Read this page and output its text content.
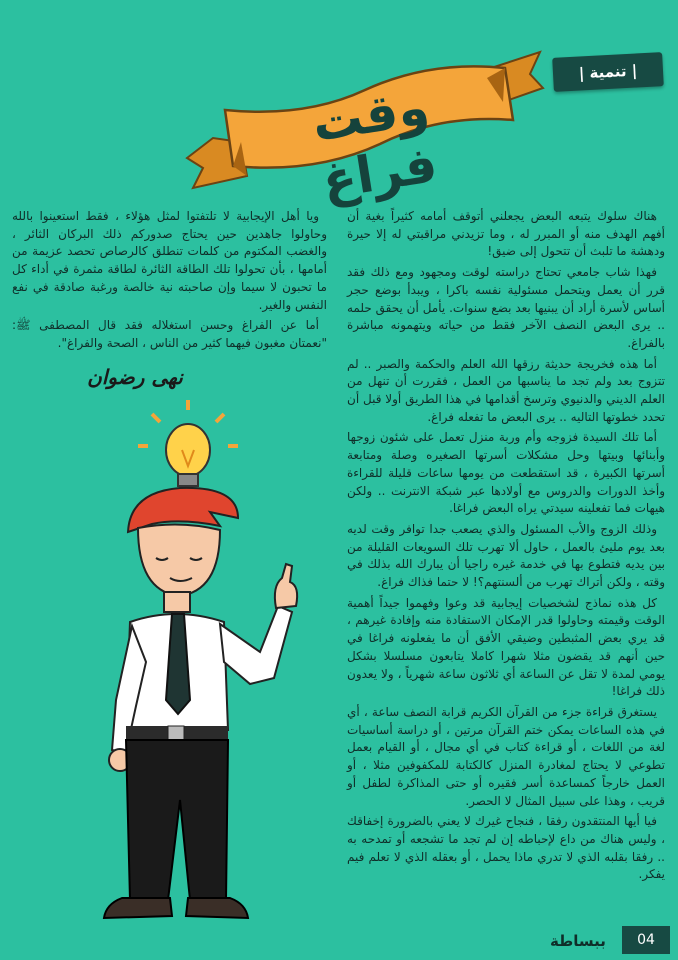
| تنمية |
وقت فراغ

هناك سلوك يتبعه البعض يجعلني أتوقف أمامه كثيراً بغية أن أفهم الهدف منه أو المبرر له ، وما تزيدني مراقبتي له إلا حيرة ودهشة ما تلبث أن تتحول إلى ضيق!

فهذا شاب جامعي تحتاج دراسته لوقت ومجهود ومع ذلك فقد قرر أن يعمل ويتحمل مسئولية نفسه باكرا ، ويبدأ بوضع حجر أساس لأسرة أراد أن يبنيها بعد بضع سنوات. يأمل أن يحقق حلمه .. يرى البعض النصف الآخر فقط من حياته ويتهمونه مباشرة بالفراغ.

أما هذه فخريجة حديثة رزقها الله العلم والحكمة والصبر .. لم تتزوج بعد ولم تجد ما يناسبها من العمل ، فقررت أن تنهل من العلم الديني والدنيوي وترسخ أقدامها في هذا الطريق أولا قبل أن تحدد خطوتها التاليه .. يرى البعض ما تفعله فراغ.

أما تلك السيدة فزوجه وأم وربة منزل تعمل على شئون زوجها وأبنائها وبيتها وحل مشكلات أسرتها الصغيره وصلة ومتابعة أسرتها الكبيرة ، قد استقطعت من يومها ساعات قليلة للقراءة وأخذ الدورات والدروس مع أولادها عبر شبكة الانترنت .. ولكن هيهات فما تفعلينه سيدتي يراه البعض فراغا.

وذلك الزوج والأب المسئول والذي يصعب جدا توافر وقت لديه بعد يوم مليئ بالعمل ، حاول ألا تهرب تلك السويعات القليلة من بين يديه فتطوع بها في خدمة غيره راجيا أن يبارك الله بذلك في وقته ، ولكن أتراك تهرب من ألسنتهم؟! لا حتما فذاك فراغ.

كل هذه نماذج لشخصيات إيجابية قد وعوا وفهموا جيداً أهمية الوقت وقيمته وحاولوا قدر الإمكان الاستفادة منه وإفادة غيرهم ، قد يري بعض المثبطين وضيقي الأفق أن ما يفعلونه فراغا في حين أنهم قد يقضون مثلا شهرا كاملا يتابعون مسلسلا بشكل يومي لمدة لا تقل عن الساعة أي ثلاثون ساعة شهرياً ، ولا يعدون ذلك فراغا!

يستغرق قراءة جزء من القرآن الكريم قرابة النصف ساعة ، أي في هذه الساعات يمكن ختم القرآن مرتين ، أو دراسة أساسيات لغة من اللغات ، أو قراءة كتاب في أي مجال ، أو القيام بعمل تطوعي لا يحتاج لمغادرة المنزل كالكتابة للمكفوفين مثلا ، أو العمل خارجاً كمساعدة أسر فقيره أو حتى المذاكرة لطفل أو قريب ، وهذا على سبيل المثال لا الحصر.

فيا أيها المنتقدون رفقا ، فنجاح غيرك لا يعني بالضرورة إخفاقك ، وليس هناك من داع لإحباطه إن لم تجد ما تشجعه أو تمدحه به .. رفقا بقلبه الذي لا تدري ماذا يحمل ، أو بعقله الذي لا تعلم فيم يفكر.

ويا أهل الإيجابية لا تلتفتوا لمثل هؤلاء ، فقط استعينوا بالله وحاولوا جاهدين حين يحتاج صدوركم ذلك البركان الثائر ، والغضب المكتوم من كلمات تنطلق كالرصاص تحصد عزيمة من أمامها ، بأن تحولوا تلك الطاقة الثائرة لطاقة مثمرة في أداء كل ما تحبون لا سيما وإن صاحبته نية خالصة ورغبة صادقة في نفع النفس والغير.

أما عن الفراغ وحسن استغلاله فقد قال المصطفى ﷺ: "نعمتان مغبون فيهما كثير من الناس ، الصحة والفراغ".

نهى رضوان
ببساطة	04
